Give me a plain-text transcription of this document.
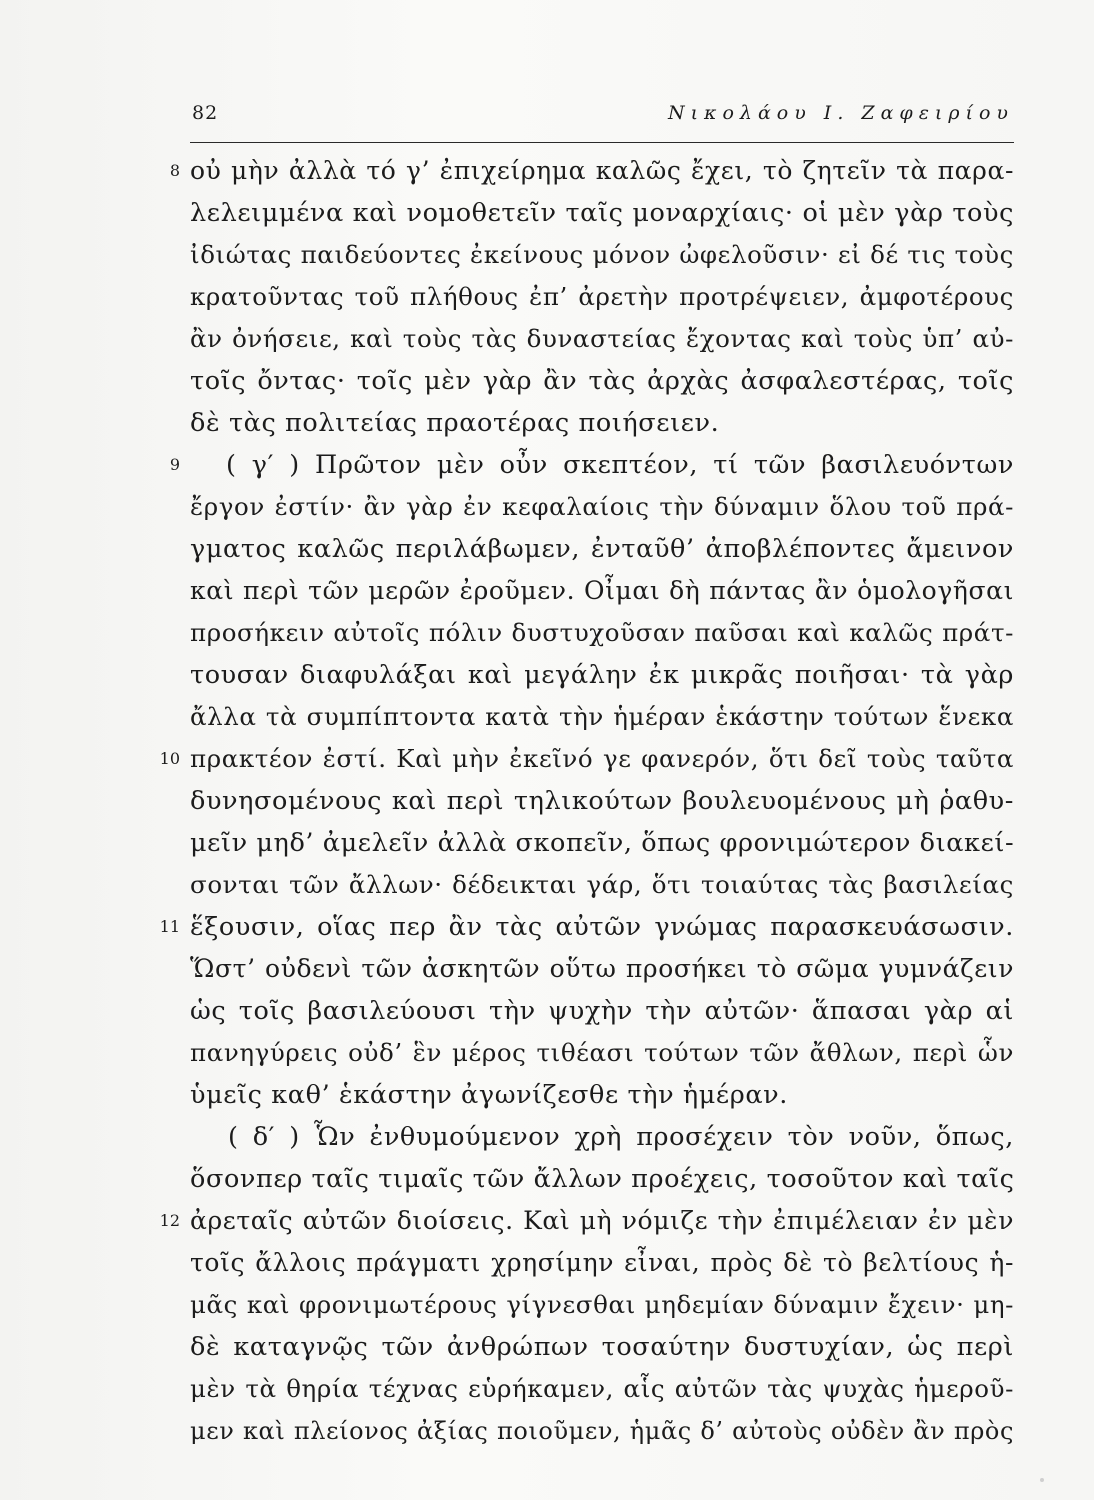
82	Νικολάου Ι. Ζαφειρίου
8 οὐ μὴν ἀλλὰ τό γ’ ἐπιχείρημα καλῶς ἔχει, τὸ ζητεῖν τὰ παρα-
λελειμμένα καὶ νομοθετεῖν ταῖς μοναρχίαις· οἱ μὲν γὰρ τοὺς
ἰδιώτας παιδεύοντες ἐκείνους μόνον ὠφελοῦσιν· εἰ δέ τις τοὺς
κρατοῦντας τοῦ πλήθους ἐπ’ ἀρετὴν προτρέψειεν, ἀμφοτέρους
ἂν ὀνήσειε, καὶ τοὺς τὰς δυναστείας ἔχοντας καὶ τοὺς ὑπ’ αὐ-
τοῖς ὄντας· τοῖς μὲν γὰρ ἂν τὰς ἀρχὰς ἀσφαλεστέρας, τοῖς
δὲ τὰς πολιτείας πραοτέρας ποιήσειεν.
9 ( γ′ ) Πρῶτον μὲν οὖν σκεπτέον, τί τῶν βασιλευόντων
ἔργον ἐστίν· ἂν γὰρ ἐν κεφαλαίοις τὴν δύναμιν ὅλου τοῦ πρά-
γματος καλῶς περιλάβωμεν, ἐνταῦθ’ ἀποβλέποντες ἄμεινον
καὶ περὶ τῶν μερῶν ἐροῦμεν. Οἶμαι δὴ πάντας ἂν ὁμολογῆσαι
προσήκειν αὐτοῖς πόλιν δυστυχοῦσαν παῦσαι καὶ καλῶς πράτ-
τουσαν διαφυλάξαι καὶ μεγάλην ἐκ μικρᾶς ποιῆσαι· τὰ γὰρ
ἄλλα τὰ συμπίπτοντα κατὰ τὴν ἡμέραν ἑκάστην τούτων ἕνεκα
10 πρακτέον ἐστί. Καὶ μὴν ἐκεῖνό γε φανερόν, ὅτι δεῖ τοὺς ταῦτα
δυνησομένους καὶ περὶ τηλικούτων βουλευομένους μὴ ῥαθυ-
μεῖν μηδ’ ἀμελεῖν ἀλλὰ σκοπεῖν, ὅπως φρονιμώτερον διακεί-
σονται τῶν ἄλλων· δέδεικται γάρ, ὅτι τοιαύτας τὰς βασιλείας
11 ἕξουσιν, οἵας περ ἂν τὰς αὐτῶν γνώμας παρασκευάσωσιν.
Ὥστ’ οὐδενὶ τῶν ἀσκητῶν οὕτω προσήκει τὸ σῶμα γυμνάζειν
ὡς τοῖς βασιλεύουσι τὴν ψυχὴν τὴν αὐτῶν· ἅπασαι γὰρ αἱ
πανηγύρεις οὐδ’ ἓν μέρος τιθέασι τούτων τῶν ἄθλων, περὶ ὧν
ὑμεῖς καθ’ ἑκάστην ἀγωνίζεσθε τὴν ἡμέραν.
( δ′ ) Ὧν ἐνθυμούμενον χρὴ προσέχειν τὸν νοῦν, ὅπως,
ὅσονπερ ταῖς τιμαῖς τῶν ἄλλων προέχεις, τοσοῦτον καὶ ταῖς
12 ἀρεταῖς αὐτῶν διοίσεις. Καὶ μὴ νόμιζε τὴν ἐπιμέλειαν ἐν μὲν
τοῖς ἄλλοις πράγματι χρησίμην εἶναι, πρὸς δὲ τὸ βελτίους ἡ-
μᾶς καὶ φρονιμωτέρους γίγνεσθαι μηδεμίαν δύναμιν ἔχειν· μη-
δὲ καταγνῷς τῶν ἀνθρώπων τοσαύτην δυστυχίαν, ὡς περὶ
μὲν τὰ θηρία τέχνας εὑρήκαμεν, αἷς αὐτῶν τὰς ψυχὰς ἡμεροῦ-
μεν καὶ πλείονος ἀξίας ποιοῦμεν, ἡμᾶς δ’ αὐτοὺς οὐδὲν ἂν πρὸς
